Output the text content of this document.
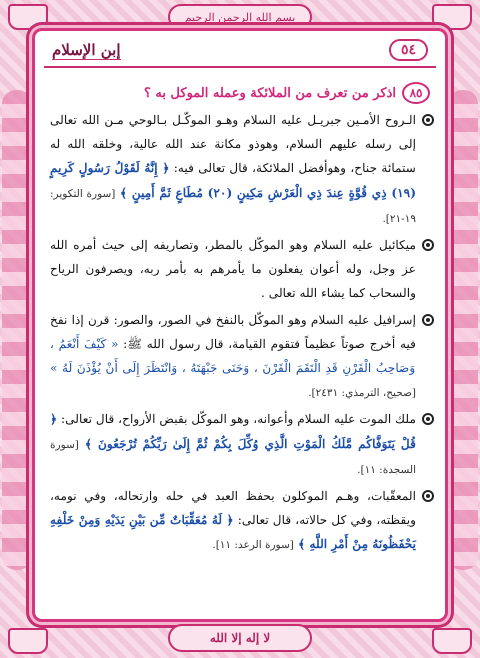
بسم الله الرحمن الرحيم
٥٤
إبن الإسلام
٨٥
اذكر من تعرف من الملائكة وعمله الموكل به ؟
الـروح الأمـين جبريـل عليه السلام وهـو الموكّـل بـالوحي مـن الله تعالى إلى رسله عليهم السلام، وهوذو مكانة عند الله عالية، وخلقه الله له ستمائة جناح، وهوأفضل الملائكة، قال تعالى فيه: ﴿ إِنَّهُ لَقَوْلُ رَسُولٍ كَرِيمٍ (١٩) ذِي قُوَّةٍ عِندَ ذِي الْعَرْشِ مَكِينٍ (٢٠) مُطَاعٍ ثَمَّ أَمِينٍ ﴾ [سورة التكوير: ١٩-٢١].
ميكائيل عليه السلام وهو الموكّل بالمطر، وتصاريفه إلى حيث أمره الله عز وجل، وله أعوان يفعلون ما يأمرهم به بأمر ربه، ويصرفون الرياح والسحاب كما يشاء الله تعالى .
إسرافيل عليه السلام وهو الموكّل بالنفخ في الصور، والصور: قرن إذا نفخ فيه أخرج صوتاً عظيماً فتقوم القيامة، قال رسول الله ﷺ: « كَيْفَ أَنْعَمُ ، وَصَاحِبُ الْقَرْنِ قَدِ الْتَقَمَ الْقَرْنَ ، وَحَنَى جَبْهَتَهُ ، وَانْتَظَرَ إِلَى أَنْ يُؤْذَنَ لَهُ » [صحيح، الترمذي: ٢٤٣١].
ملك الموت عليه السلام وأعوانه، وهو الموكّل بقبض الأرواح، قال تعالى: ﴿ قُلْ يَتَوَفَّاكُم مَّلَكُ الْمَوْتِ الَّذِي وُكِّلَ بِكُمْ ثُمَّ إِلَىٰ رَبِّكُمْ تُرْجَعُونَ ﴾ [سورة السجدة: ١١].
المعقّبات، وهـم الموكلون بحفظ العبد في حله وارتحاله، وفي نومه، ويقظته، وفي كل حالاته، قال تعالى: ﴿ لَهُ مُعَقِّبَاتٌ مِّن بَيْنِ يَدَيْهِ وَمِنْ خَلْفِهِ يَحْفَظُونَهُ مِنْ أَمْرِ اللَّهِ ﴾ [سورة الرعد: ١١].
لا إله إلا الله
